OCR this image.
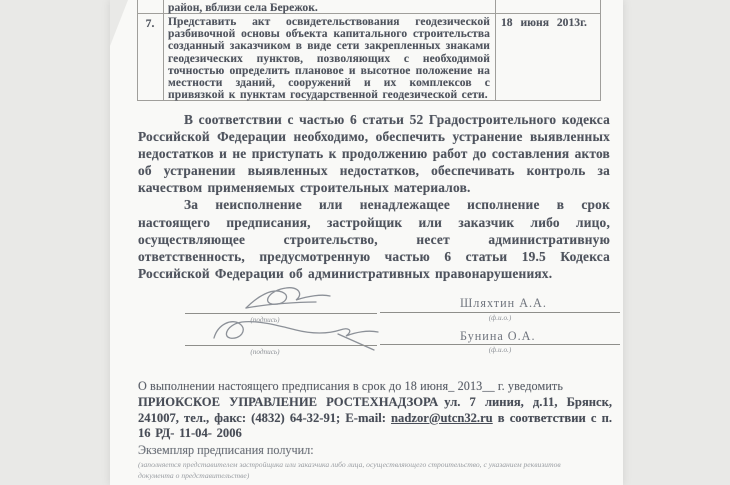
район, вблизи села Бережок.
7.	Представить акт освидетельствования геодезической разбивочной основы объекта капитального строительства созданный заказчиком в виде сети закрепленных знаками геодезических пунктов, позволяющих с необходимой точностью определить плановое и высотное положение на местности зданий, сооружений и их комплексов с привязкой к пунктам государственной геодезической сети.
18 июня 2013г.

В соответствии с частью 6 статьи 52 Градостроительного кодекса Российской Федерации необходимо, обеспечить устранение выявленных недостатков и не приступать к продолжению работ до составления актов об устранении выявленных недостатков, обеспечивать контроль за качеством применяемых строительных материалов.

За неисполнение или ненадлежащее исполнение в срок настоящего предписания, застройщик или заказчик либо лицо, осуществляющее строительство, несет административную ответственность, предусмотренную частью 6 статьи 19.5 Кодекса Российской Федерации об административных правонарушениях.

(подпись)
(подпись)
Шляхтин А.А.
(ф.и.о.)
Бунина О.А.
(ф.и.о.)

О выполнении настоящего предписания в срок до 18 июня_ 2013__ г. уведомить

ПРИОКСКОЕ УПРАВЛЕНИЕ РОСТЕХНАДЗОРА ул. 7 линия, д.11, Брянск, 241007, тел., факс: (4832) 64-32-91; E-mail: nadzor@utcn32.ru в соответствии с п. 16 РД- 11-04- 2006

Экземпляр предписания получил:

(заполняется представителем застройщика или заказчика либо лица, осуществляющего строительство, с указанием реквизитов документа о представительстве)
